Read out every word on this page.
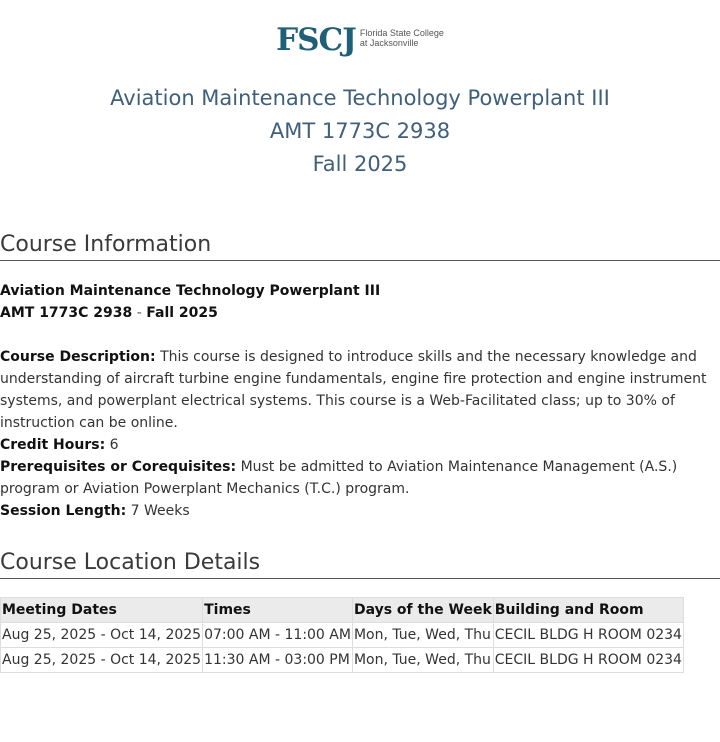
FSCJ Florida State College
at Jacksonville
Aviation Maintenance Technology Powerplant III
AMT 1773C 2938
Fall 2025
Course Information
Aviation Maintenance Technology Powerplant III
AMT 1773C 2938 - Fall 2025
Course Description: This course is designed to introduce skills and the necessary knowledge and understanding of aircraft turbine engine fundamentals, engine fire protection and engine instrument systems, and powerplant electrical systems. This course is a Web-Facilitated class; up to 30% of instruction can be online.
Credit Hours: 6
Prerequisites or Corequisites: Must be admitted to Aviation Maintenance Management (A.S.) program or Aviation Powerplant Mechanics (T.C.) program.
Session Length: 7 Weeks
Course Location Details
Meeting Dates	Times	Days of the Week	Building and Room
Aug 25, 2025 - Oct 14, 2025	07:00 AM - 11:00 AM	Mon, Tue, Wed, Thu	CECIL BLDG H ROOM 0234
Aug 25, 2025 - Oct 14, 2025	11:30 AM - 03:00 PM	Mon, Tue, Wed, Thu	CECIL BLDG H ROOM 0234
